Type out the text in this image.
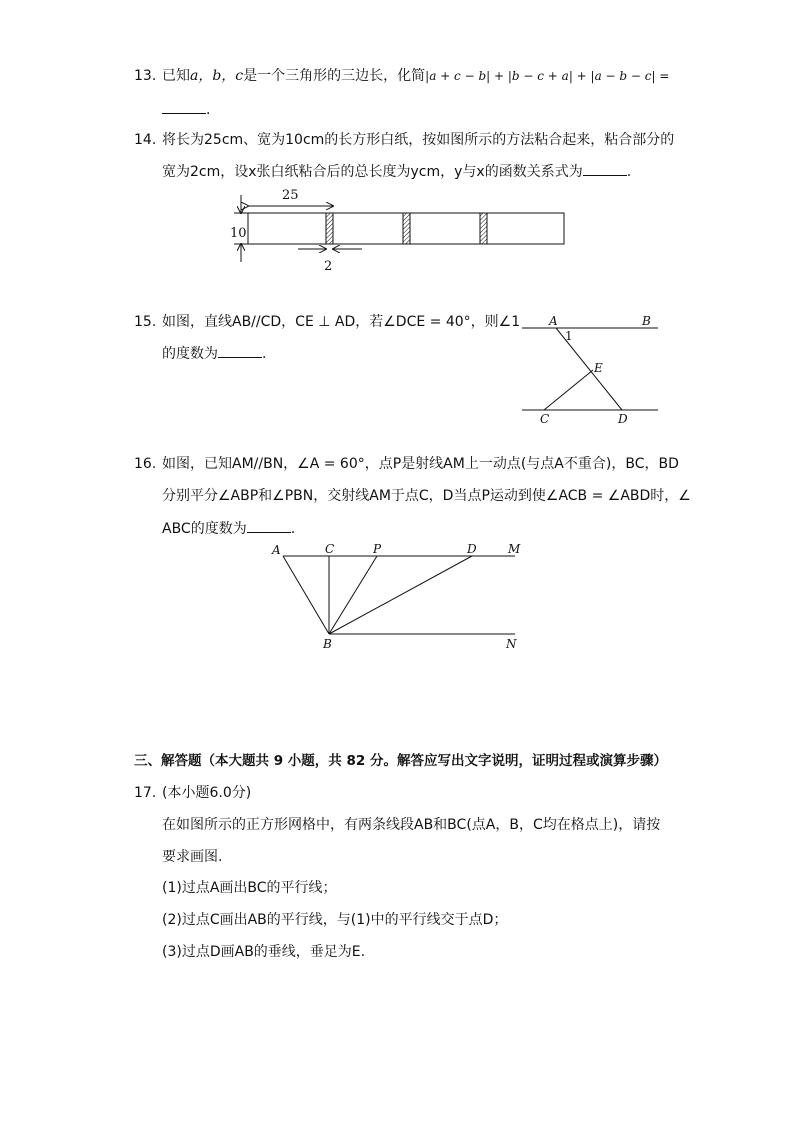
13. 已知a，b，c是一个三角形的三边长，化简|a + c − b| + |b − c + a| + |a − b − c| =
.
14. 将长为25cm、宽为10cm的长方形白纸，按如图所示的方法粘合起来，粘合部分的
宽为2cm，设x张白纸粘合后的总长度为ycm，y与x的函数关系式为	.
25
10
2
A	B
1
E
C	D
A	C	P	D	M
B	N
15. 如图，直线AB//CD，CE ⊥ AD，若∠DCE = 40°，则∠1
的度数为	.
16. 如图，已知AM//BN，∠A = 60°，点P是射线AM上一动点(与点A不重合)，BC，BD
分别平分∠ABP和∠PBN，交射线AM于点C，D当点P运动到使∠ACB = ∠ABD时，∠
ABC的度数为	.
三、解答题（本大题共 9 小题，共 82 分。解答应写出文字说明，证明过程或演算步骤）
17. (本小题6.0分)
在如图所示的正方形网格中，有两条线段AB和BC(点A，B，C均在格点上)，请按
要求画图.
(1)过点A画出BC的平行线；
(2)过点C画出AB的平行线，与(1)中的平行线交于点D；
(3)过点D画AB的垂线，垂足为E.
